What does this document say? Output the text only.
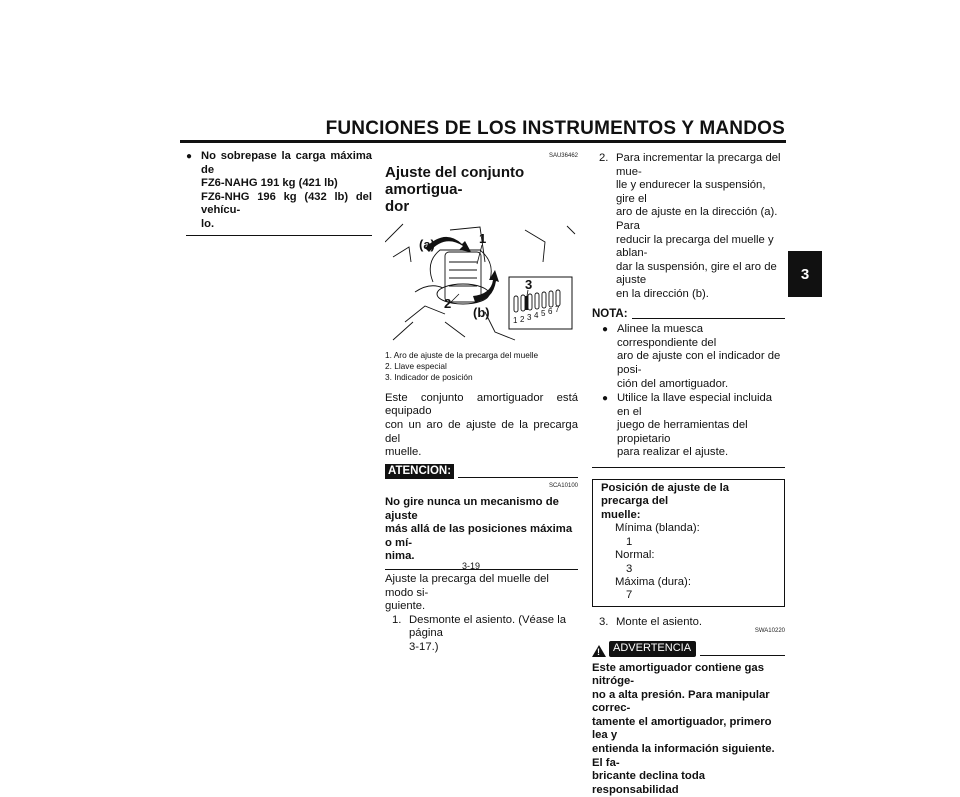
FUNCIONES DE LOS INSTRUMENTOS Y MANDOS
3
● No sobrepase la carga máxima de
FZ6-NAHG 191 kg (421 lb)
FZ6-NHG 196 kg (432 lb) del vehícu-
lo.
SAU36462
Ajuste del conjunto amortigua-
dor
1 2 3 4 5 6 7
(a)	1
2
(b)
3
1. Aro de ajuste de la precarga del muelle
2. Llave especial
3. Indicador de posición
Este conjunto amortiguador está equipado
con un aro de ajuste de la precarga del
muelle.
ATENCION:
SCA10100
No gire nunca un mecanismo de ajuste
más allá de las posiciones máxima o mí-
nima.
Ajuste la precarga del muelle del modo si-
guiente.
1. Desmonte el asiento. (Véase la página
3-17.)
2. Para incrementar la precarga del mue-
lle y endurecer la suspensión, gire el
aro de ajuste en la dirección (a). Para
reducir la precarga del muelle y ablan-
dar la suspensión, gire el aro de ajuste
en la dirección (b).
NOTA:
● Alinee la muesca correspondiente del
aro de ajuste con el indicador de posi-
ción del amortiguador.
● Utilice la llave especial incluida en el
juego de herramientas del propietario
para realizar el ajuste.
Posición de ajuste de la precarga del
muelle:
Mínima (blanda):
1
Normal:
3
Máxima (dura):
7
3. Monte el asiento.
SWA10220
!	ADVERTENCIA
Este amortiguador contiene gas nitróge-
no a alta presión. Para manipular correc-
tamente el amortiguador, primero lea y
entienda la información siguiente. El fa-
bricante declina toda responsabilidad
3-19
